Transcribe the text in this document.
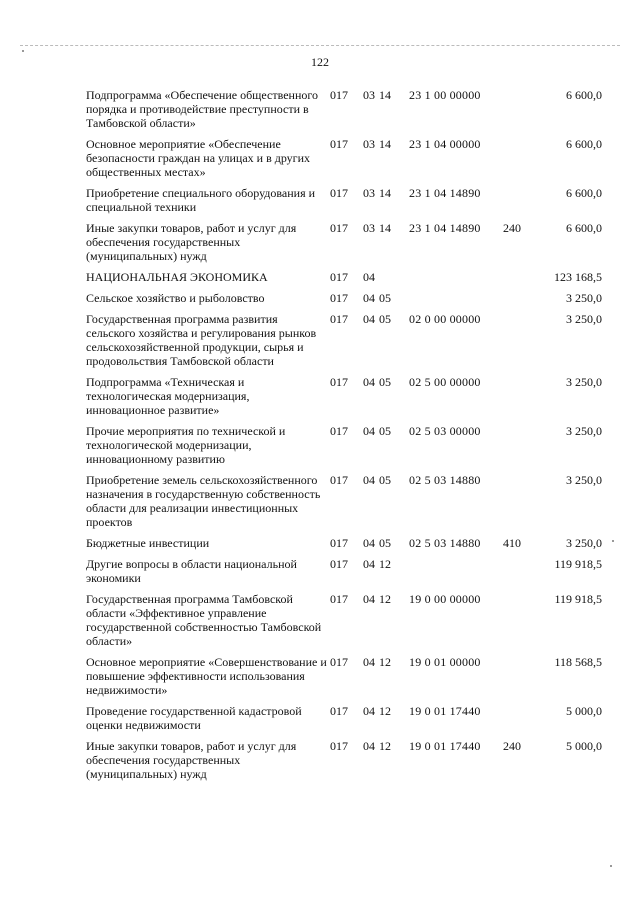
122
Подпрограмма «Обеспечение общественного порядка и противодействие преступности в Тамбовской области»	017	03	14	23 1 00 00000		6 600,0
Основное мероприятие «Обеспечение безопасности граждан на улицах и в других общественных местах»	017	03	14	23 1 04 00000		6 600,0
Приобретение специального оборудования и специальной техники	017	03	14	23 1 04 14890		6 600,0
Иные закупки товаров, работ и услуг для обеспечения государственных (муниципальных) нужд	017	03	14	23 1 04 14890	240	6 600,0
НАЦИОНАЛЬНАЯ ЭКОНОМИКА	017	04				123 168,5
Сельское хозяйство и рыболовство	017	04	05			3 250,0
Государственная программа развития сельского хозяйства и регулирования рынков сельскохозяйственной продукции, сырья и продовольствия Тамбовской области	017	04	05	02 0 00 00000		3 250,0
Подпрограмма «Техническая и технологическая модернизация, инновационное развитие»	017	04	05	02 5 00 00000		3 250,0
Прочие мероприятия по технической и технологической модернизации, инновационному развитию	017	04	05	02 5 03 00000		3 250,0
Приобретение земель сельскохозяйственного назначения в государственную собственность области для реализации инвестиционных проектов	017	04	05	02 5 03 14880		3 250,0
Бюджетные инвестиции	017	04	05	02 5 03 14880	410	3 250,0
Другие вопросы в области национальной экономики	017	04	12			119 918,5
Государственная программа Тамбовской области «Эффективное управление государственной собственностью Тамбовской области»	017	04	12	19 0 00 00000		119 918,5
Основное мероприятие «Совершенствование и повышение эффективности использования недвижимости»	017	04	12	19 0 01 00000		118 568,5
Проведение государственной кадастровой оценки недвижимости	017	04	12	19 0 01 17440		5 000,0
Иные закупки товаров, работ и услуг для обеспечения государственных (муниципальных) нужд	017	04	12	19 0 01 17440	240	5 000,0
